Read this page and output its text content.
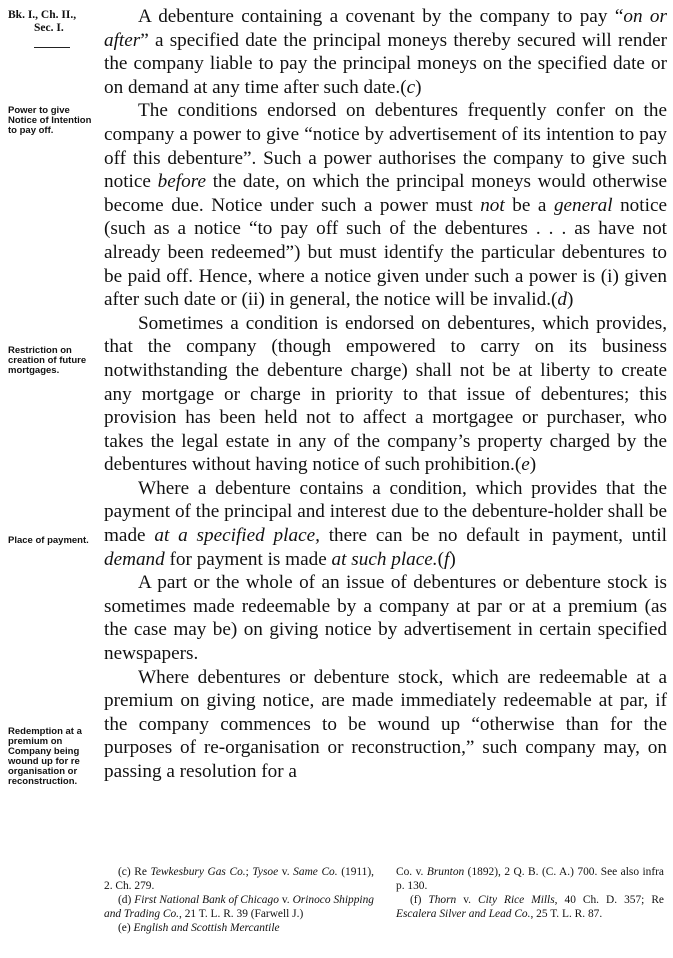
Bk. I., Ch. II.,
Sec. I.
Power to give Notice of Intention to pay off.
Restriction on creation of future mortgages.
Place of payment.
Redemption at a premium on Company being wound up for re organisation or reconstruction.

A debenture containing a covenant by the company to pay “on or after” a specified date the principal moneys thereby secured will render the company liable to pay the principal moneys on the specified date or on demand at any time after such date.(c)

The conditions endorsed on debentures frequently confer on the company a power to give “notice by advertisement of its intention to pay off this debenture”. Such a power authorises the company to give such notice before the date, on which the principal moneys would otherwise become due. Notice under such a power must not be a general notice (such as a notice “to pay off such of the debentures . . . as have not already been redeemed”) but must identify the particular debentures to be paid off. Hence, where a notice given under such a power is (i) given after such date or (ii) in general, the notice will be invalid.(d)

Sometimes a condition is endorsed on debentures, which provides, that the company (though empowered to carry on its business notwithstanding the debenture charge) shall not be at liberty to create any mortgage or charge in priority to that issue of debentures; this provision has been held not to affect a mortgagee or purchaser, who takes the legal estate in any of the company’s property charged by the debentures without having notice of such prohibition.(e)

Where a debenture contains a condition, which provides that the payment of the principal and interest due to the debenture-holder shall be made at a specified place, there can be no default in payment, until demand for payment is made at such place.(f)

A part or the whole of an issue of debentures or debenture stock is sometimes made redeemable by a company at par or at a premium (as the case may be) on giving notice by advertisement in certain specified newspapers.

Where debentures or debenture stock, which are redeemable at a premium on giving notice, are made immediately redeemable at par, if the company commences to be wound up “otherwise than for the purposes of re-organisation or reconstruction,” such company may, on passing a resolution for a

(c) Re Tewkesbury Gas Co.; Tysoe v. Same Co. (1911), 2. Ch. 279.

(d) First National Bank of Chicago v. Orinoco Shipping and Trading Co., 21 T. L. R. 39 (Farwell J.)

(e) English and Scottish Mercantile

Co. v. Brunton (1892), 2 Q. B. (C. A.) 700. See also infra p. 130.

(f) Thorn v. City Rice Mills, 40 Ch. D. 357; Re Escalera Silver and Lead Co., 25 T. L. R. 87.
